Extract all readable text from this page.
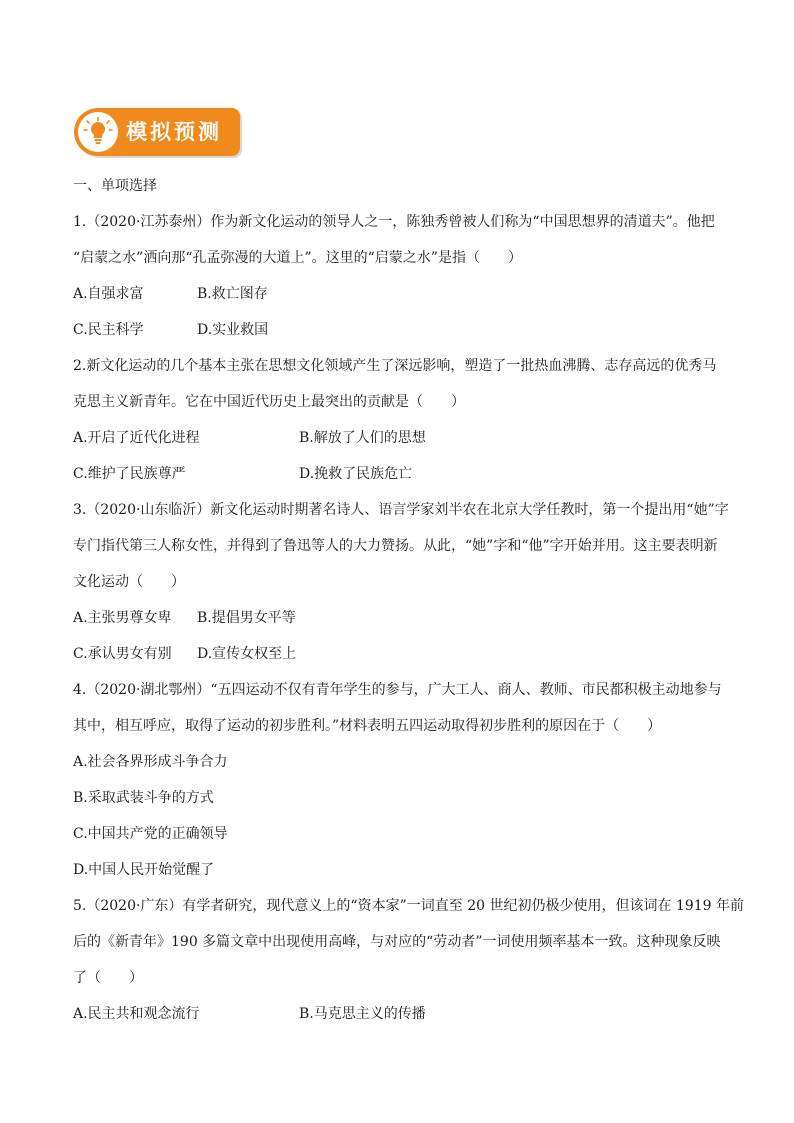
模拟预测
一、单项选择
1.（2020·江苏泰州）作为新文化运动的领导人之一，陈独秀曾被人们称为“中国思想界的清道夫”。他把
“启蒙之水”洒向那“孔孟弥漫的大道上”。这里的“启蒙之水”是指（　　）
A.自强求富	B.救亡图存
C.民主科学	D.实业救国
2.新文化运动的几个基本主张在思想文化领域产生了深远影响，塑造了一批热血沸腾、志存高远的优秀马
克思主义新青年。它在中国近代历史上最突出的贡献是（　　）
A.开启了近代化进程	B.解放了人们的思想
C.维护了民族尊严	D.挽救了民族危亡
3.（2020·山东临沂）新文化运动时期著名诗人、语言学家刘半农在北京大学任教时，第一个提出用“她”字
专门指代第三人称女性，并得到了鲁迅等人的大力赞扬。从此，“她”字和“他”字开始并用。这主要表明新
文化运动（　　）
A.主张男尊女卑 B.提倡男女平等
C.承认男女有别 D.宣传女权至上
4.（2020·湖北鄂州）“五四运动不仅有青年学生的参与，广大工人、商人、教师、市民都积极主动地参与
其中，相互呼应，取得了运动的初步胜利。”材料表明五四运动取得初步胜利的原因在于（　　）
A.社会各界形成斗争合力
B.采取武装斗争的方式
C.中国共产党的正确领导
D.中国人民开始觉醒了
5.（2020·广东）有学者研究，现代意义上的“资本家”一词直至 20 世纪初仍极少使用，但该词在 1919 年前
后的《新青年》190 多篇文章中出现使用高峰，与对应的“劳动者”一词使用频率基本一致。这种现象反映
了（　　）
A.民主共和观念流行	B.马克思主义的传播
